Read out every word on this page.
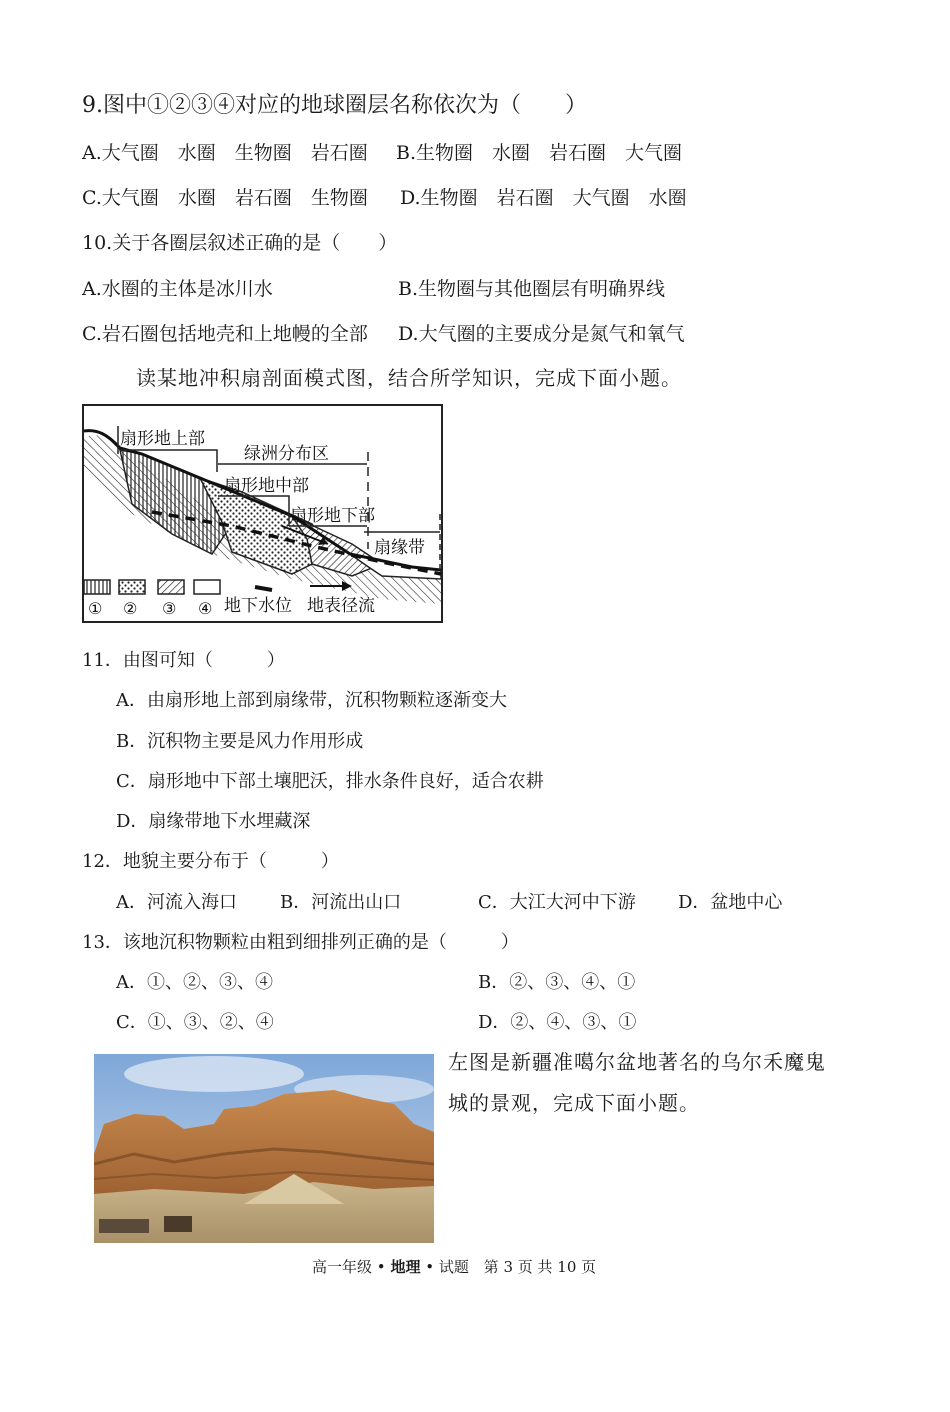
9.图中①②③④对应的地球圈层名称依次为（　　）
A.大气圈　水圈　生物圈　岩石圈 B.生物圈　水圈　岩石圈　大气圈
C.大气圈　水圈　岩石圈　生物圈 D.生物圈　岩石圈　大气圈　水圈
10.关于各圈层叙述正确的是（　　）
A.水圈的主体是冰川水	B.生物圈与其他圈层有明确界线
C.岩石圈包括地壳和上地幔的全部 D.大气圈的主要成分是氮气和氧气
读某地冲积扇剖面模式图，结合所学知识，完成下面小题。
扇形地上部
绿洲分布区
扇形地中部
扇形地下部
扇缘带
① ② ③ ④ 地下水位 地表径流
11．由图可知（　　　）
A．由扇形地上部到扇缘带，沉积物颗粒逐渐变大
B．沉积物主要是风力作用形成
C．扇形地中下部土壤肥沃，排水条件良好，适合农耕
D．扇缘带地下水埋藏深
12．地貌主要分布于（　　　）
A．河流入海口 B．河流出山口	C．大江大河中下游 D．盆地中心
13．该地沉积物颗粒由粗到细排列正确的是（　　　）
A．①、②、③、④	B．②、③、④、①
C．①、③、②、④	D．②、④、③、①
左图是新疆准噶尔盆地著名的乌尔禾魔鬼
城的景观，完成下面小题。
高一年级 • 地理 • 试题 第 3 页 共 10 页
